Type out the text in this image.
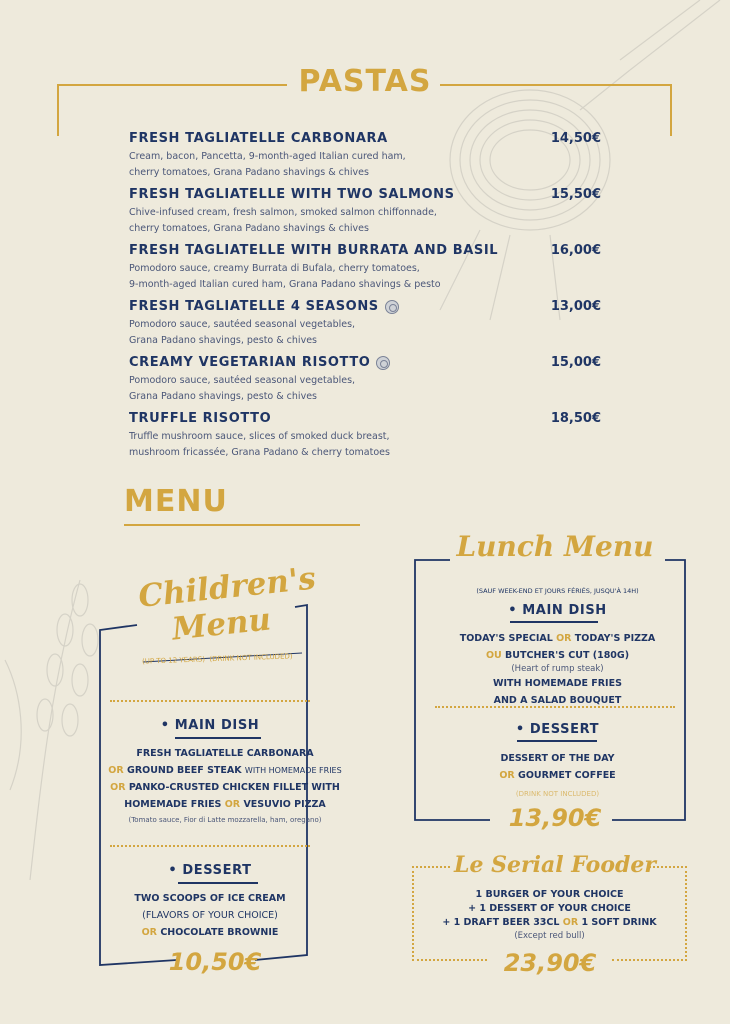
PASTAS
FRESH TAGLIATELLE CARBONARA	14,50€
Cream, bacon, Pancetta, 9-month-aged Italian cured ham,
cherry tomatoes, Grana Padano shavings & chives
FRESH TAGLIATELLE WITH TWO SALMONS	15,50€
Chive-infused cream, fresh salmon, smoked salmon chiffonnade,
cherry tomatoes, Grana Padano shavings & chives
FRESH TAGLIATELLE WITH BURRATA AND BASIL	16,00€
Pomodoro sauce, creamy Burrata di Bufala, cherry tomatoes,
9-month-aged Italian cured ham, Grana Padano shavings & pesto
FRESH TAGLIATELLE 4 SEASONS	13,00€
Pomodoro sauce, sautéed seasonal vegetables,
Grana Padano shavings, pesto & chives
CREAMY VEGETARIAN RISOTTO	15,00€
Pomodoro sauce, sautéed seasonal vegetables,
Grana Padano shavings, pesto & chives
TRUFFLE RISOTTO	18,50€
Truffle mushroom sauce, slices of smoked duck breast,
mushroom fricassée, Grana Padano & cherry tomatoes
MENU
Children's
Menu
(UP TO 12 YEARS) (DRINK NOT INCLUDED)
• MAIN DISH
FRESH TAGLIATELLE CARBONARA
OR GROUND BEEF STEAK WITH HOMEMADE FRIES
OR PANKO-CRUSTED CHICKEN FILLET WITH
HOMEMADE FRIES OR VESUVIO PIZZA
(Tomato sauce, Fior di Latte mozzarella, ham, oregano)
• DESSERT
TWO SCOOPS OF ICE CREAM
(FLAVORS OF YOUR CHOICE)
OR CHOCOLATE BROWNIE
10,50€
Lunch Menu
(SAUF WEEK-END ET JOURS FÉRIÉS, JUSQU'À 14H)
• MAIN DISH
TODAY'S SPECIAL OR TODAY'S PIZZA
OU BUTCHER'S CUT (180G)
(Heart of rump steak)
WITH HOMEMADE FRIES
AND A SALAD BOUQUET
• DESSERT
DESSERT OF THE DAY
OR GOURMET COFFEE
(DRINK NOT INCLUDED)
13,90€
Le Serial Fooder
1 BURGER OF YOUR CHOICE
+ 1 DESSERT OF YOUR CHOICE
+ 1 DRAFT BEER 33CL OR 1 SOFT DRINK
(Except red bull)
23,90€
